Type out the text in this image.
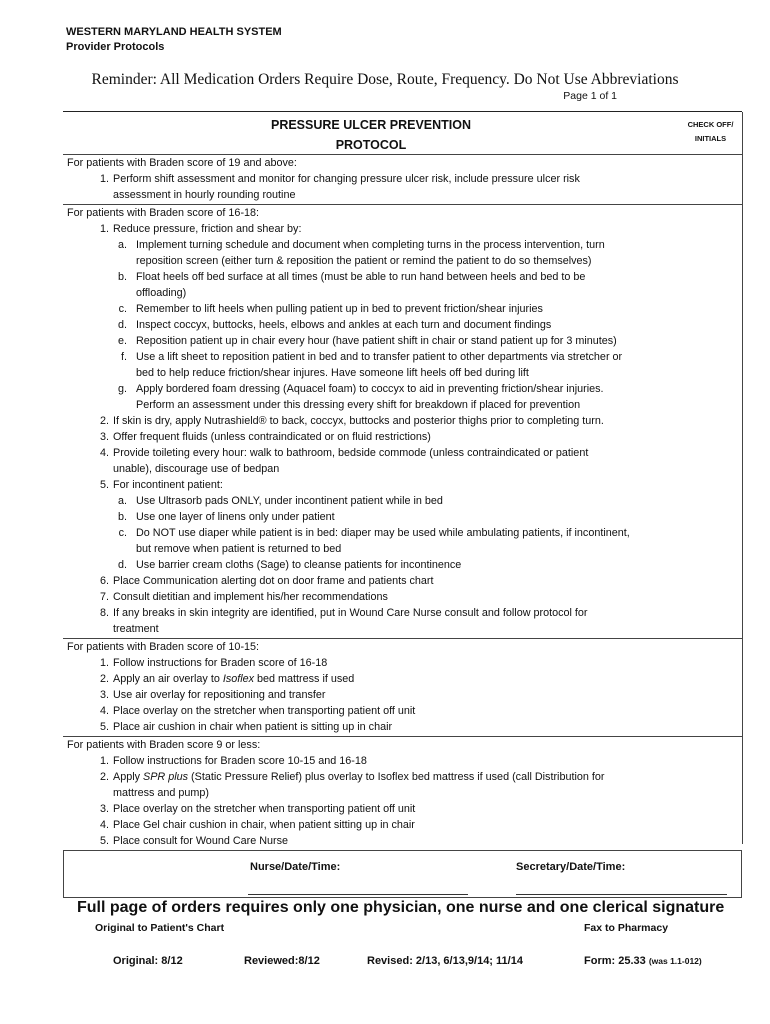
WESTERN MARYLAND HEALTH SYSTEM
Provider Protocols
Reminder: All Medication Orders Require Dose, Route, Frequency. Do Not Use Abbreviations
Page 1 of 1
PRESSURE ULCER PREVENTION
PROTOCOL
CHECK OFF/
INITIALS
For patients with Braden score of 19 and above:
1. Perform shift assessment and monitor for changing pressure ulcer risk, include pressure ulcer risk
assessment in hourly rounding routine
For patients with Braden score of 16-18:
1. Reduce pressure, friction and shear by:
a. Implement turning schedule and document when completing turns in the process intervention, turn
reposition screen (either turn & reposition the patient or remind the patient to do so themselves)
b. Float heels off bed surface at all times (must be able to run hand between heels and bed to be
offloading)
c. Remember to lift heels when pulling patient up in bed to prevent friction/shear injuries
d. Inspect coccyx, buttocks, heels, elbows and ankles at each turn and document findings
e. Reposition patient up in chair every hour (have patient shift in chair or stand patient up for 3 minutes)
f. Use a lift sheet to reposition patient in bed and to transfer patient to other departments via stretcher or
bed to help reduce friction/shear injures. Have someone lift heels off bed during lift
g. Apply bordered foam dressing (Aquacel foam) to coccyx to aid in preventing friction/shear injuries.
Perform an assessment under this dressing every shift for breakdown if placed for prevention
2. If skin is dry, apply Nutrashield® to back, coccyx, buttocks and posterior thighs prior to completing turn.
3. Offer frequent fluids (unless contraindicated or on fluid restrictions)
4. Provide toileting every hour: walk to bathroom, bedside commode (unless contraindicated or patient
unable), discourage use of bedpan
5. For incontinent patient:
a. Use Ultrasorb pads ONLY, under incontinent patient while in bed
b. Use one layer of linens only under patient
c. Do NOT use diaper while patient is in bed: diaper may be used while ambulating patients, if incontinent,
but remove when patient is returned to bed
d. Use barrier cream cloths (Sage) to cleanse patients for incontinence
6. Place Communication alerting dot on door frame and patients chart
7. Consult dietitian and implement his/her recommendations
8. If any breaks in skin integrity are identified, put in Wound Care Nurse consult and follow protocol for
treatment
For patients with Braden score of 10-15:
1. Follow instructions for Braden score of 16-18
2. Apply an air overlay to Isoflex bed mattress if used
3. Use air overlay for repositioning and transfer
4. Place overlay on the stretcher when transporting patient off unit
5. Place air cushion in chair when patient is sitting up in chair
For patients with Braden score 9 or less:
1. Follow instructions for Braden score 10-15 and 16-18
2. Apply SPR plus (Static Pressure Relief) plus overlay to Isoflex bed mattress if used (call Distribution for
mattress and pump)
3. Place overlay on the stretcher when transporting patient off unit
4. Place Gel chair cushion in chair, when patient sitting up in chair
5. Place consult for Wound Care Nurse
Nurse/Date/Time:	Secretary/Date/Time:
Full page of orders requires only one physician, one nurse and one clerical signature
Original to Patient's Chart	Fax to Pharmacy
Original: 8/12	Reviewed:8/12	Revised: 2/13, 6/13,9/14; 11/14	Form: 25.33 (was 1.1-012)
